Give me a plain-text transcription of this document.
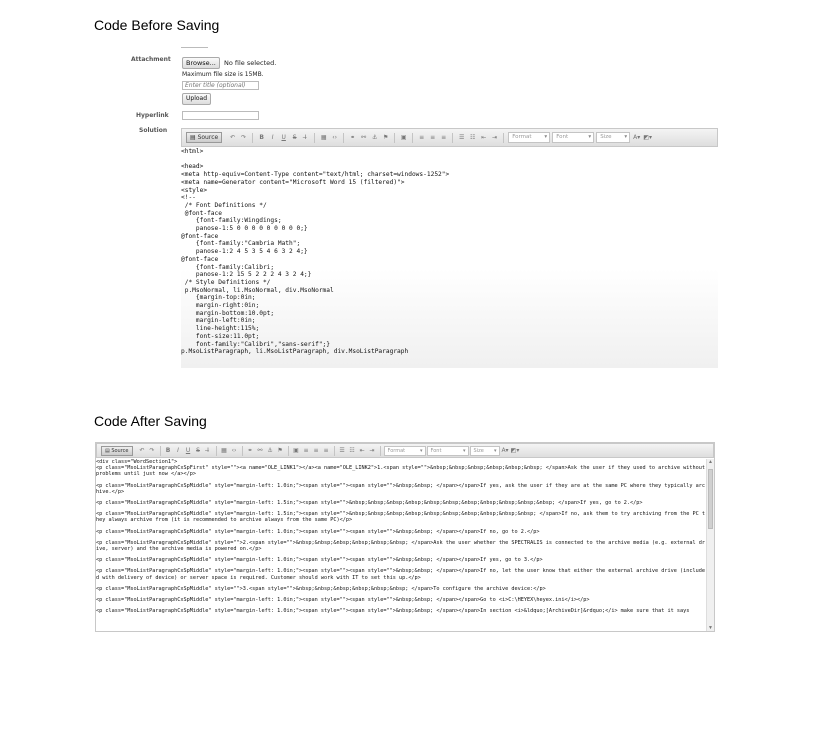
Code Before Saving
Code After Saving
Attachment	Browse...	No file selected.
Maximum file size is 15MB.
Enter title (optional)
Upload
Hyperlink
Solution
▤ Source	↶ ↷	B	I	U	S	I̶	▦ ‹›	⚭ ⚯ ⚓ ⚑	▣	≡ ≡ ≡	☰ ☷ ⇤ ⇥	Format ▾	Font ▾	Size ▾	A▾ ◩▾
<html>
<head>
<meta http-equiv=Content-Type content="text/html; charset=windows-1252">
<meta name=Generator content="Microsoft Word 15 (filtered)">
<style>
<!--
/* Font Definitions */
@font-face
{font-family:Wingdings;
panose-1:5 0 0 0 0 0 0 0 0 0;}
@font-face
{font-family:"Cambria Math";
panose-1:2 4 5 3 5 4 6 3 2 4;}
@font-face
{font-family:Calibri;
panose-1:2 15 5 2 2 2 4 3 2 4;}
/* Style Definitions */
p.MsoNormal, li.MsoNormal, div.MsoNormal
{margin-top:0in;
margin-right:0in;
margin-bottom:10.0pt;
margin-left:0in;
line-height:115%;
font-size:11.0pt;
font-family:"Calibri","sans-serif";}
p.MsoListParagraph, li.MsoListParagraph, div.MsoListParagraph
▤ Source	↶ ↷	B	I	U S	I̶	▦ ‹›	⚭ ⚯ ⚓ ⚑	▣ ≡ ≡ ≡	☰ ☷ ⇤ ⇥	Format ▾	Font ▾	Size ▾	A▾ ◩▾
<div class="WordSection1">
<p class="MsoListParagraphCxSpFirst" style=""><a name="OLE_LINK1"></a><a name="OLE_LINK2">1.<span style="">&nbsp;&nbsp;&nbsp;&nbsp;&nbsp;&nbsp; </span>Ask the user if they used to archive without problems until just now </a></p>
<p class="MsoListParagraphCxSpMiddle" style="margin-left: 1.0in;"><span style=""><span style="">&nbsp;&nbsp; </span></span>If yes, ask the user if they are at the same PC where they typically archive.</p>
<p class="MsoListParagraphCxSpMiddle" style="margin-left: 1.5in;"><span style="">&nbsp;&nbsp;&nbsp;&nbsp;&nbsp;&nbsp;&nbsp;&nbsp;&nbsp;&nbsp;&nbsp; </span>If yes, go to 2.</p>
<p class="MsoListParagraphCxSpMiddle" style="margin-left: 1.5in;"><span style="">&nbsp;&nbsp;&nbsp;&nbsp;&nbsp;&nbsp;&nbsp;&nbsp;&nbsp;&nbsp; </span>If no, ask them to try archiving from the PC they always archive from (it is recommended to archive always from the same PC)</p>
<p class="MsoListParagraphCxSpMiddle" style="margin-left: 1.0in;"><span style=""><span style="">&nbsp;&nbsp; </span></span>If no, go to 2.</p>
<p class="MsoListParagraphCxSpMiddle" style="">2.<span style="">&nbsp;&nbsp;&nbsp;&nbsp;&nbsp;&nbsp; </span>Ask the user whether the SPECTRALIS is connected to the archive media (e.g. external drive, server) and the archive media is powered on.</p>
<p class="MsoListParagraphCxSpMiddle" style="margin-left: 1.0in;"><span style=""><span style="">&nbsp;&nbsp; </span></span>If yes, go to 3.</p>
<p class="MsoListParagraphCxSpMiddle" style="margin-left: 1.0in;"><span style=""><span style="">&nbsp;&nbsp; </span></span>If no, let the user know that either the external archive drive (included with delivery of device) or server space is required. Customer should work with IT to set this up.</p>
<p class="MsoListParagraphCxSpMiddle" style="">3.<span style="">&nbsp;&nbsp;&nbsp;&nbsp;&nbsp;&nbsp; </span>To configure the archive device:</p>
<p class="MsoListParagraphCxSpMiddle" style="margin-left: 1.0in;"><span style=""><span style="">&nbsp;&nbsp; </span></span>Go to <i>C:\HEYEX\heyex.ini</i></p>
<p class="MsoListParagraphCxSpMiddle" style="margin-left: 1.0in;"><span style=""><span style="">&nbsp;&nbsp; </span></span>In section <i>&ldquo;[ArchiveDir]&rdquo;</i> make sure that it says
▲
▼
